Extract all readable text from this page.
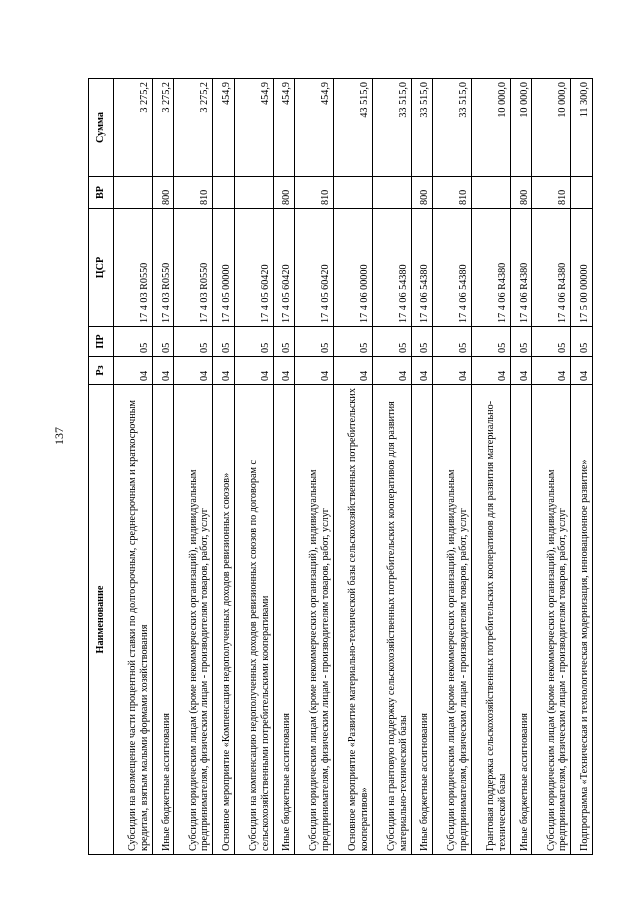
137
Наименование	Рз	ПР	ЦСР	ВР	Сумма
Субсидии на возмещение части процентной ставки по долгосрочным, среднесрочным и краткосрочным кредитам, взятым малыми формами хозяйствования	04	05	17 4 03 R0550		3 275,2
Иные бюджетные ассигнования	04	05	17 4 03 R0550	800	3 275,2
Субсидии юридическим лицам (кроме некоммерческих организаций), индивидуальным предпринимателям, физическим лицам - производителям товаров, работ, услуг	04	05	17 4 03 R0550	810	3 275,2
Основное мероприятие «Компенсация недополученных доходов ревизионных союзов»	04	05	17 4 05 00000		454,9
Субсидии на компенсацию недополученных доходов ревизионных союзов по договорам с сельскохозяйственными потребительскими кооперативами	04	05	17 4 05 60420		454,9
Иные бюджетные ассигнования	04	05	17 4 05 60420	800	454,9
Субсидии юридическим лицам (кроме некоммерческих организаций), индивидуальным предпринимателям, физическим лицам - производителям товаров, работ, услуг	04	05	17 4 05 60420	810	454,9
Основное мероприятие «Развитие материально-технической базы сельскохозяйственных потребительских кооперативов»	04	05	17 4 06 00000		43 515,0
Субсидии на грантовую поддержку сельскохозяйственных потребительских кооперативов для развития материально-технической базы	04	05	17 4 06 54380		33 515,0
Иные бюджетные ассигнования	04	05	17 4 06 54380	800	33 515,0
Субсидии юридическим лицам (кроме некоммерческих организаций), индивидуальным предпринимателям, физическим лицам - производителям товаров, работ, услуг	04	05	17 4 06 54380	810	33 515,0
Грантовая поддержка сельскохозяйственных потребительских кооперативов для развития материально-технической базы	04	05	17 4 06 R4380		10 000,0
Иные бюджетные ассигнования	04	05	17 4 06 R4380	800	10 000,0
Субсидии юридическим лицам (кроме некоммерческих организаций), индивидуальным предпринимателям, физическим лицам - производителям товаров, работ, услуг	04	05	17 4 06 R4380	810	10 000,0
Подпрограмма «Техническая и технологическая модернизация, инновационное развитие»	04	05	17 5 00 00000		11 300,0
